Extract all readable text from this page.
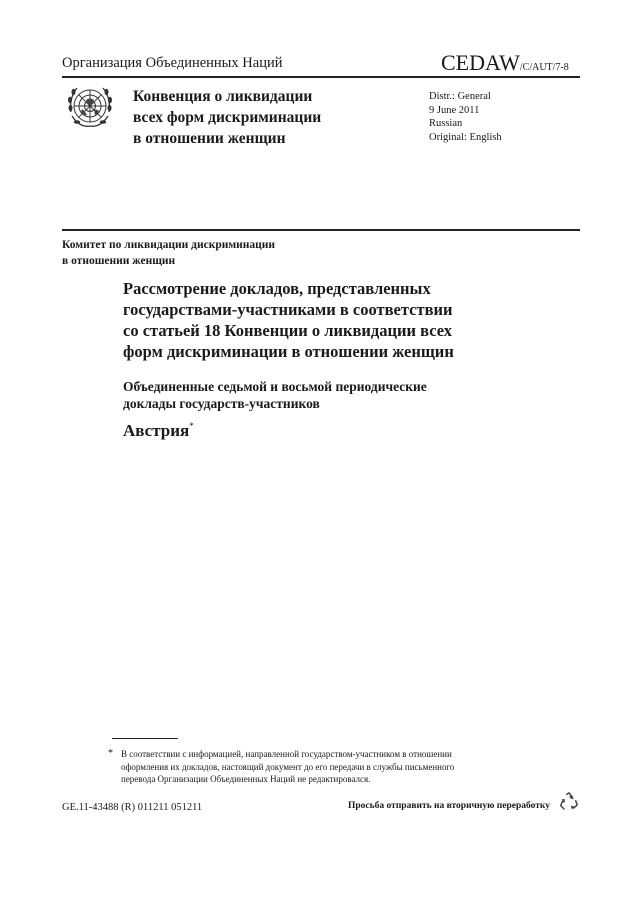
Организация Объединенных Наций	CEDAW/C/AUT/7-8
Конвенция о ликвидации
всех форм дискриминации
в отношении женщин
Distr.: General
9 June 2011
Russian
Original: English
Комитет по ликвидации дискриминации
в отношении женщин
Рассмотрение докладов, представленных
государствами-участниками в соответствии
со статьей 18 Конвенции о ликвидации всех
форм дискриминации в отношении женщин
Объединенные седьмой и восьмой периодические
доклады государств-участников
Австрия*
* В соответствии с информацией, направленной государством-участником в отношении
оформления их докладов, настоящий документ до его передачи в службы письменного
перевода Организации Объединенных Наций не редактировался.
GE.11-43488 (R) 011211 051211	Просьба отправить на вторичную переработку
